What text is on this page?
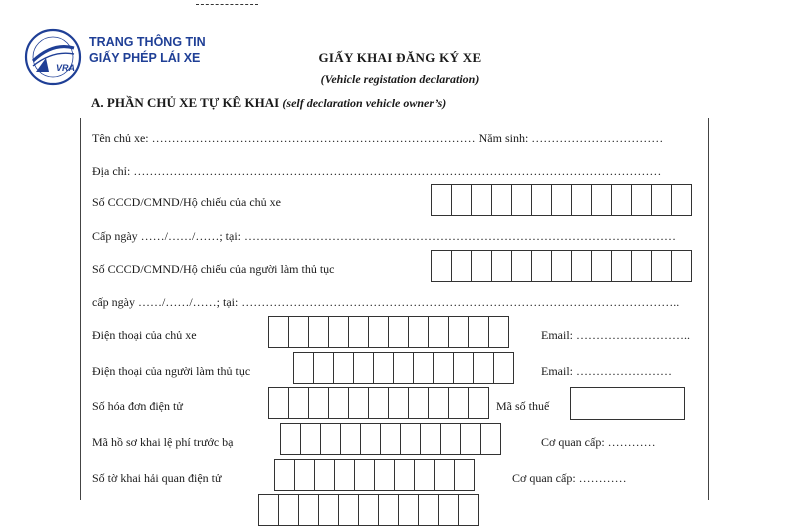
VRA
TRANG THÔNG TIN
GIẤY PHÉP LÁI XE	GIẤY KHAI ĐĂNG KÝ XE
(Vehicle registation declaration)
A. PHẦN CHỦ XE TỰ KÊ KHAI (self declaration vehicle owner’s)
Tên chủ xe: ……………………………………………………………………… Năm sinh: ……………………………
Địa chỉ: ……………………………………………………………………………………………………………………
Số CCCD/CMND/Hộ chiếu của chủ xe
Cấp ngày ……/……/……; tại: ………………………………………………………………………………………………
Số CCCD/CMND/Hộ chiếu của người làm thủ tục
cấp ngày ……/……/……; tại: ………………………………………………………………………………………………..
Điện thoại của chủ xe	Email: ………………………..
Điện thoại của người làm thủ tục	Email: ……………………
Số hóa đơn điện tử	Mã số thuế
Mã hồ sơ khai lệ phí trước bạ	Cơ quan cấp: …………
Số tờ khai hải quan điện tử	Cơ quan cấp: …………
